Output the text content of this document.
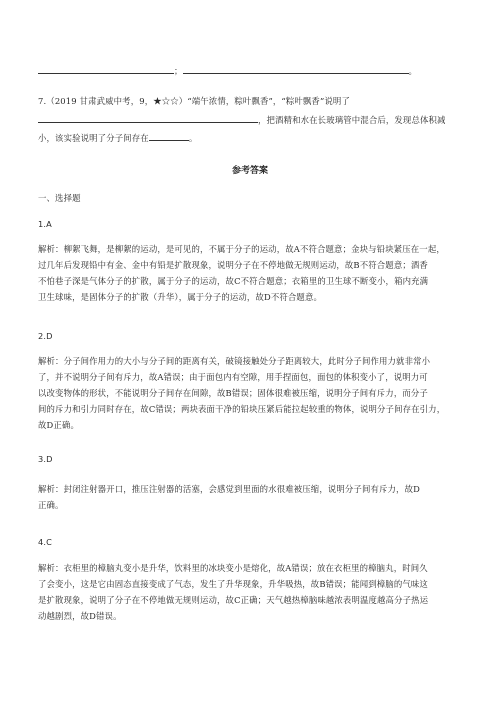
；	。
7.（2019 甘肃武威中考，9，★☆☆）“端午浓情，粽叶飘香”，“粽叶飘香”说明了
，把酒精和水在长玻璃管中混合后，发现总体积减
小，该实验说明了分子间存在	。
参考答案
一、选择题
1.A
解析：柳絮飞舞，是柳絮的运动，是可见的，不属于分子的运动，故A不符合题意；金块与铅块紧压在一起，
过几年后发现铅中有金、金中有铅是扩散现象，说明分子在不停地做无规则运动，故B不符合题意；酒香
不怕巷子深是气体分子的扩散，属于分子的运动，故C不符合题意；衣箱里的卫生球不断变小，箱内充满
卫生球味，是固体分子的扩散（升华），属于分子的运动，故D不符合题意。
2.D
解析：分子间作用力的大小与分子间的距离有关，破镜接触处分子距离较大，此时分子间作用力就非常小
了，并不说明分子间有斥力，故A错误；由于面包内有空隙，用手捏面包，面包的体积变小了，说明力可
以改变物体的形状，不能说明分子间存在间隙，故B错误；固体很难被压缩，说明分子间有斥力，而分子
间的斥力和引力同时存在，故C错误；两块表面干净的铅块压紧后能拉起较重的物体，说明分子间存在引力，
故D正确。
3.D
解析：封闭注射器开口，推压注射器的活塞，会感觉到里面的水很难被压缩，说明分子间有斥力，故D
正确。
4.C
解析：衣柜里的樟脑丸变小是升华，饮料里的冰块变小是熔化，故A错误；放在衣柜里的樟脑丸，时间久
了会变小，这是它由固态直接变成了气态，发生了升华现象，升华吸热，故B错误；能闻到樟脑的气味这
是扩散现象，说明了分子在不停地做无规则运动，故C正确；天气越热樟脑味越浓表明温度越高分子热运
动越剧烈，故D错误。
